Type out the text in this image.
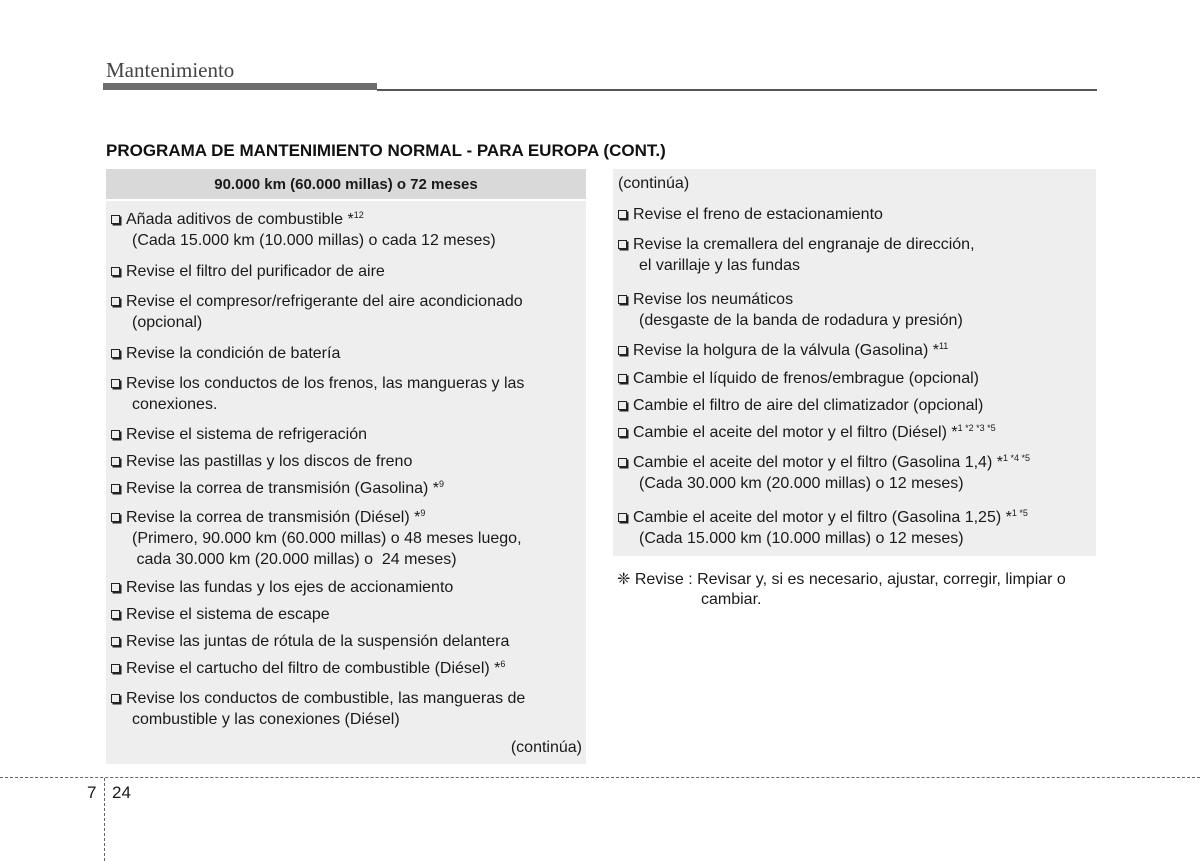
Mantenimiento
PROGRAMA DE MANTENIMIENTO NORMAL - PARA EUROPA (CONT.)
90.000 km (60.000 millas) o 72 meses
Añada aditivos de combustible *$^{12}$
(Cada 15.000 km (10.000 millas) o cada 12 meses)
Revise el filtro del purificador de aire
Revise el compresor/refrigerante del aire acondicionado
(opcional)
Revise la condición de batería
Revise los conductos de los frenos, las mangueras y las
conexiones.
Revise el sistema de refrigeración
Revise las pastillas y los discos de freno
Revise la correa de transmisión (Gasolina) *$^9$
Revise la correa de transmisión (Diésel) *$^9$
(Primero, 90.000 km (60.000 millas) o 48 meses luego,
cada 30.000 km (20.000 millas) o  24 meses)
Revise las fundas y los ejes de accionamiento
Revise el sistema de escape
Revise las juntas de rótula de la suspensión delantera
Revise el cartucho del filtro de combustible (Diésel) *$^6$
Revise los conductos de combustible, las mangueras de
combustible y las conexiones (Diésel)
(continúa)
(continúa)
Revise el freno de estacionamiento
Revise la cremallera del engranaje de dirección,
el varillaje y las fundas
Revise los neumáticos
(desgaste de la banda de rodadura y presión)
Revise la holgura de la válvula (Gasolina) *$^{11}$
Cambie el líquido de frenos/embrague (opcional)
Cambie el filtro de aire del climatizador (opcional)
Cambie el aceite del motor y el filtro (Diésel) *$^{1 *2 *3 *5}$
Cambie el aceite del motor y el filtro (Gasolina 1,4) *$^{1 *4 *5}$
(Cada 30.000 km (20.000 millas) o 12 meses)
Cambie el aceite del motor y el filtro (Gasolina 1,25) *$^{1 *5}$
(Cada 15.000 km (10.000 millas) o 12 meses)
❈ Revise : Revisar y, si es necesario, ajustar, corregir, limpiar o
cambiar.
7 24
